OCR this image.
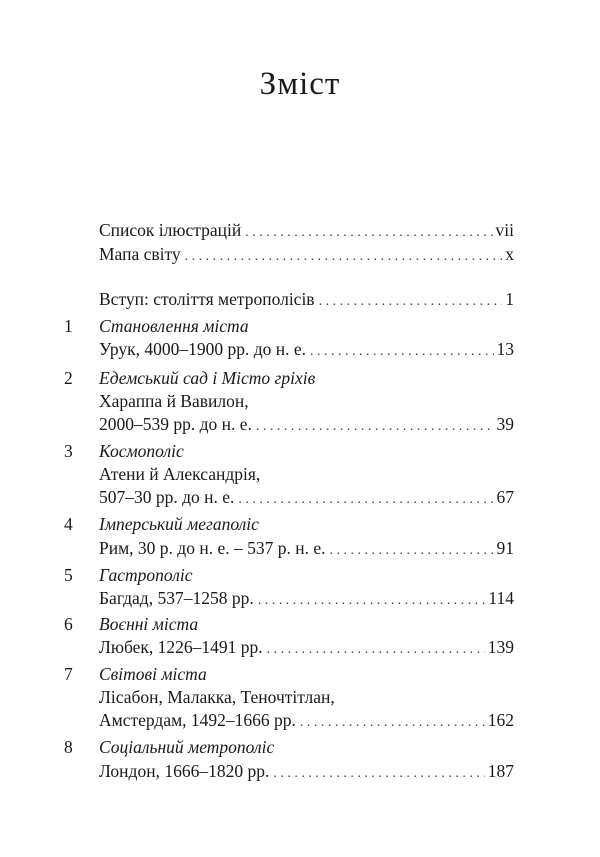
Зміст
Список ілюстрацій . . .	vii
Мапа світу . . .	x
Вступ: століття метрополісів . . .	1
1 Становлення міста
Урук, 4000–1900 рр. до н. е. . . .	13
2 Едемський сад і Місто гріхів
Хараппа й Вавилон,
2000–539 рр. до н. е. . . .	39
3 Космополіс
Атени й Александрія,
507–30 рр. до н. е. . . .	67
4 Імперський мегаполіс
Рим, 30 р. до н. е. – 537 р. н. е. . . .	91
5 Гастрополіс
Багдад, 537–1258 рр. . . .	114
6 Воєнні міста
Любек, 1226–1491 рр. . . .	139
7 Світові міста
Лісабон, Малакка, Теночтітлан,
Амстердам, 1492–1666 рр. . . .	162
8 Соціальний метрополіс
Лондон, 1666–1820 рр. . . .	187
